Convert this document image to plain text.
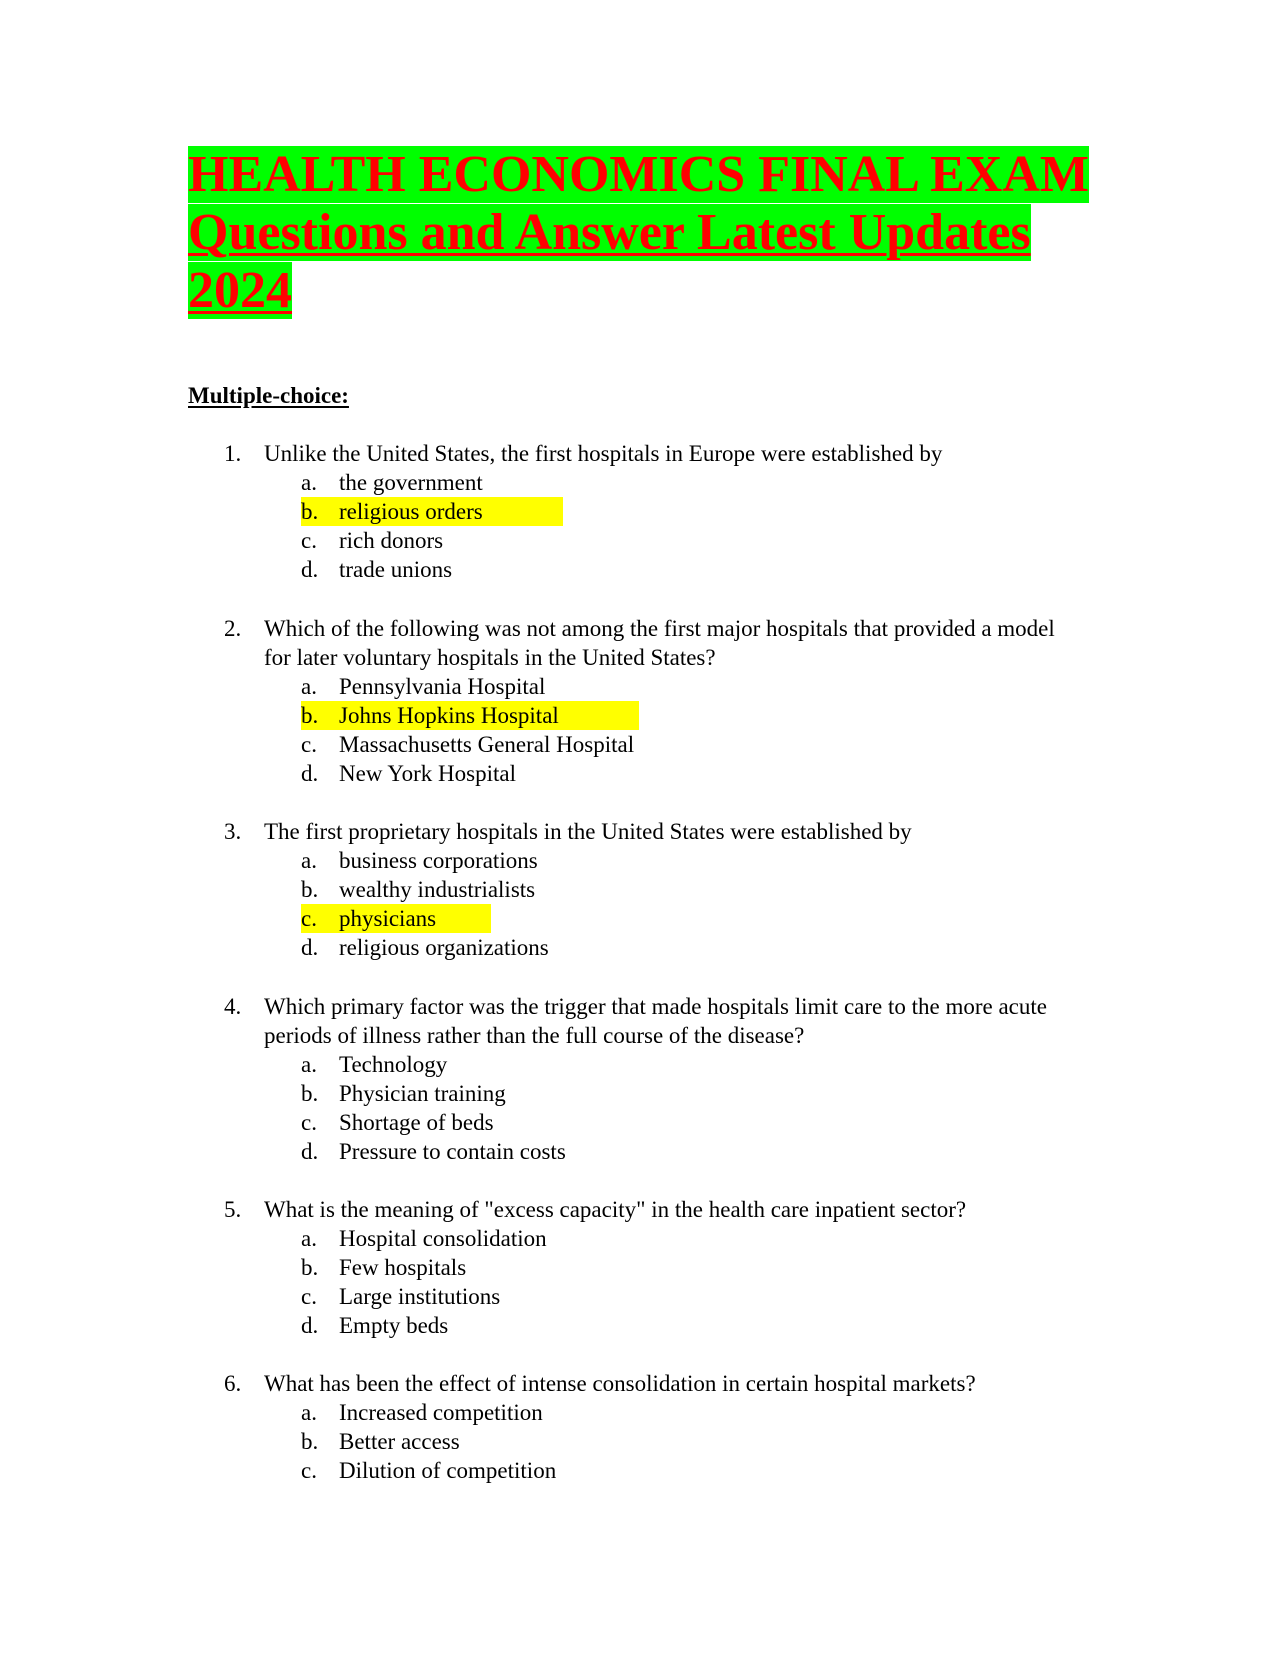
HEALTH ECONOMICS FINAL EXAM
Questions and Answer Latest Updates
2024
Multiple-choice:
1. Unlike the United States, the first hospitals in Europe were established by

a. the government
b. religious orders
c. rich donors
d. trade unions
2. Which of the following was not among the first major hospitals that provided a model for later voluntary hospitals in the United States?

a. Pennsylvania Hospital
b. Johns Hopkins Hospital
c. Massachusetts General Hospital
d. New York Hospital
3. The first proprietary hospitals in the United States were established by

a. business corporations
b. wealthy industrialists
c. physicians
d. religious organizations
4. Which primary factor was the trigger that made hospitals limit care to the more acute periods of illness rather than the full course of the disease?

a. Technology
b. Physician training
c. Shortage of beds
d. Pressure to contain costs
5. What is the meaning of "excess capacity" in the health care inpatient sector?

a. Hospital consolidation
b. Few hospitals
c. Large institutions
d. Empty beds
6. What has been the effect of intense consolidation in certain hospital markets?

a. Increased competition
b. Better access
c. Dilution of competition
